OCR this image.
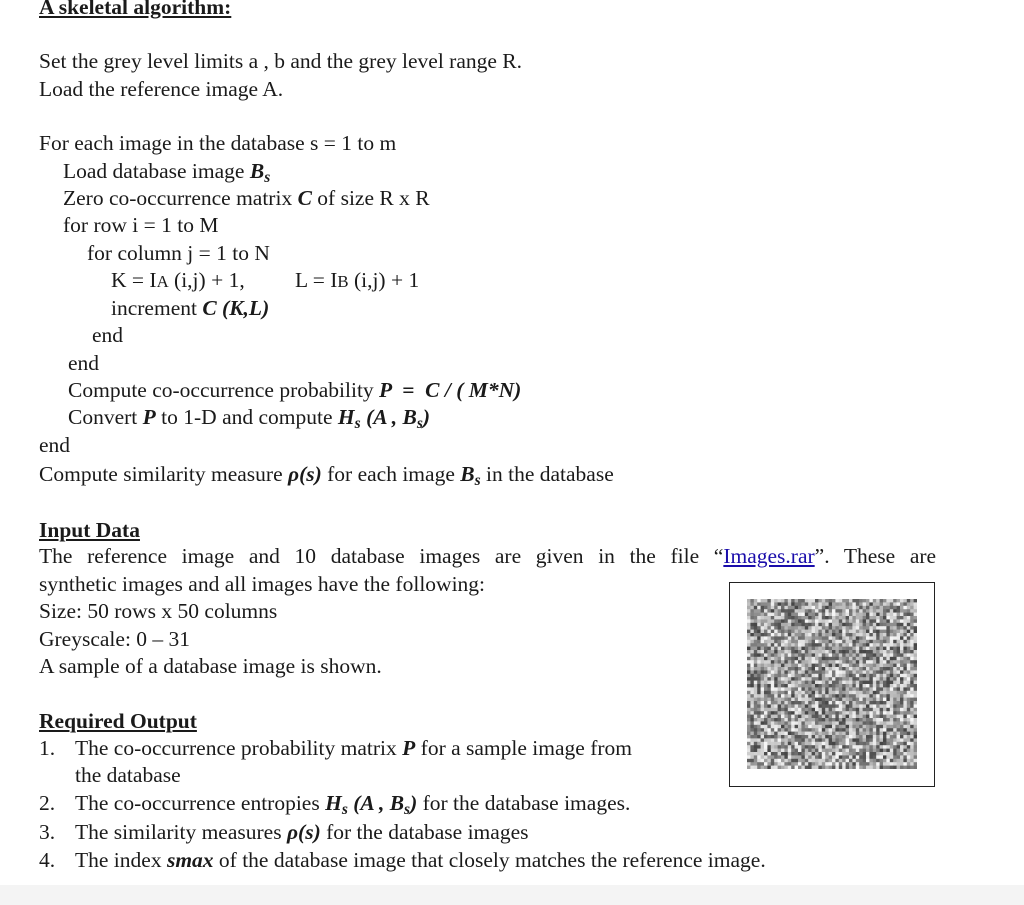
A skeletal algorithm:
Set the grey level limits a , b and the grey level range R.
Load the reference image A.
For each image in the database s = 1 to m
Load database image $B_s$
Zero co-occurrence matrix C of size R x R
for row i = 1 to M
for column j = 1 to N
K = IA (i,j) + 1, L = IB (i,j) + 1
increment C (K,L)
end
end
Compute co-occurrence probability P  =  C / ( M*N)
Convert P to 1-D and compute $H_s$ (A , $B_s$)
end
Compute similarity measure ρ(s) for each image $B_s$ in the database
Input Data
The reference image and 10 database images are given in the file “Images.rar”. These are
synthetic images and all images have the following:
Size: 50 rows x 50 columns
Greyscale: 0 – 31
A sample of a database image is shown.
Required Output
1. The co-occurrence probability matrix P for a sample image from
the database
2. The co-occurrence entropies $H_s$ (A , $B_s$) for the database images.
3. The similarity measures ρ(s) for the database images
4. The index smax of the database image that closely matches the reference image.
